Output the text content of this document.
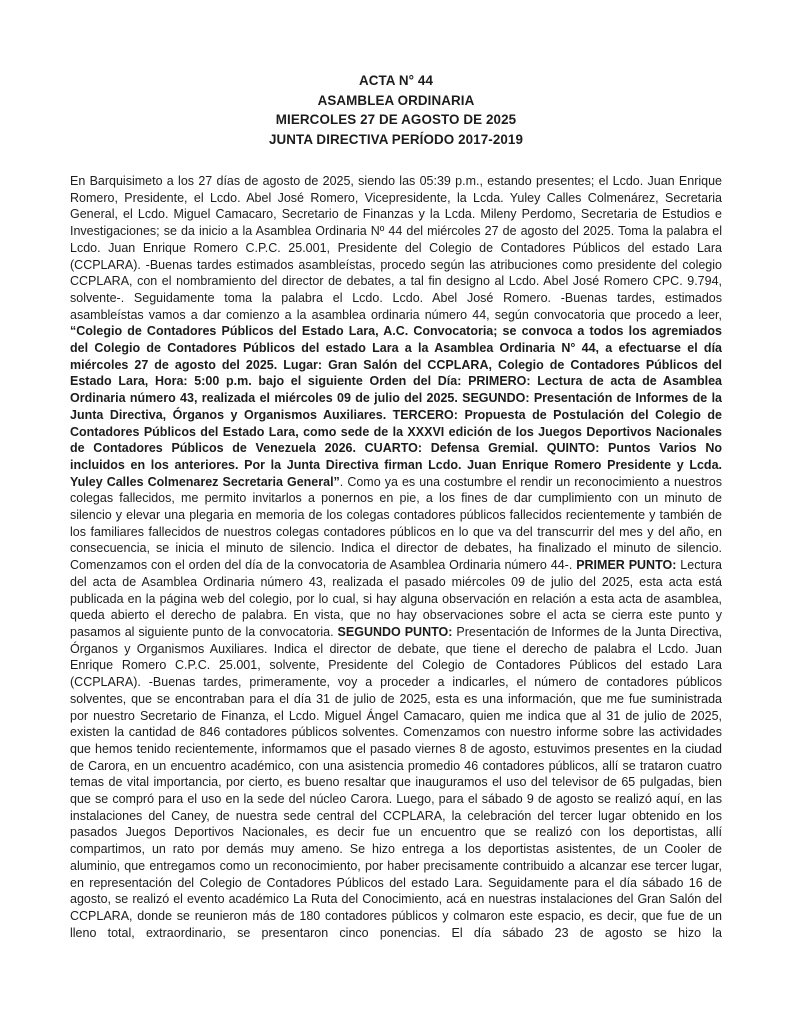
ACTA N° 44
ASAMBLEA ORDINARIA
MIERCOLES 27 DE AGOSTO DE 2025
JUNTA DIRECTIVA PERÍODO 2017-2019

En Barquisimeto a los 27 días de agosto de 2025, siendo las 05:39 p.m., estando presentes; el Lcdo. Juan Enrique Romero, Presidente, el Lcdo. Abel José Romero, Vicepresidente, la Lcda. Yuley Calles Colmenárez, Secretaria General, el Lcdo. Miguel Camacaro, Secretario de Finanzas y la Lcda. Mileny Perdomo, Secretaria de Estudios e Investigaciones; se da inicio a la Asamblea Ordinaria Nº 44 del miércoles 27 de agosto del 2025. Toma la palabra el Lcdo. Juan Enrique Romero C.P.C. 25.001, Presidente del Colegio de Contadores Públicos del estado Lara (CCPLARA). -Buenas tardes estimados asambleístas, procedo según las atribuciones como presidente del colegio CCPLARA, con el nombramiento del director de debates, a tal fin designo al Lcdo. Abel José Romero CPC. 9.794, solvente-. Seguidamente toma la palabra el Lcdo. Lcdo. Abel José Romero. -Buenas tardes, estimados asambleístas vamos a dar comienzo a la asamblea ordinaria número 44, según convocatoria que procedo a leer, “Colegio de Contadores Públicos del Estado Lara, A.C. Convocatoria; se convoca a todos los agremiados del Colegio de Contadores Públicos del estado Lara a la Asamblea Ordinaria N° 44, a efectuarse el día miércoles 27 de agosto del 2025. Lugar: Gran Salón del CCPLARA, Colegio de Contadores Públicos del Estado Lara, Hora: 5:00 p.m. bajo el siguiente Orden del Día: PRIMERO: Lectura de acta de Asamblea Ordinaria número 43, realizada el miércoles 09 de julio del 2025. SEGUNDO: Presentación de Informes de la Junta Directiva, Órganos y Organismos Auxiliares. TERCERO: Propuesta de Postulación del Colegio de Contadores Públicos del Estado Lara, como sede de la XXXVI edición de los Juegos Deportivos Nacionales de Contadores Públicos de Venezuela 2026. CUARTO: Defensa Gremial. QUINTO: Puntos Varios No incluidos en los anteriores. Por la Junta Directiva firman Lcdo. Juan Enrique Romero Presidente y Lcda. Yuley Calles Colmenarez Secretaria General”. Como ya es una costumbre el rendir un reconocimiento a nuestros colegas fallecidos, me permito invitarlos a ponernos en pie, a los fines de dar cumplimiento con un minuto de silencio y elevar una plegaria en memoria de los colegas contadores públicos fallecidos recientemente y también de los familiares fallecidos de nuestros colegas contadores públicos en lo que va del transcurrir del mes y del año, en consecuencia, se inicia el minuto de silencio. Indica el director de debates, ha finalizado el minuto de silencio. Comenzamos con el orden del día de la convocatoria de Asamblea Ordinaria número 44-. PRIMER PUNTO: Lectura del acta de Asamblea Ordinaria número 43, realizada el pasado miércoles 09 de julio del 2025, esta acta está publicada en la página web del colegio, por lo cual, si hay alguna observación en relación a esta acta de asamblea, queda abierto el derecho de palabra. En vista, que no hay observaciones sobre el acta se cierra este punto y pasamos al siguiente punto de la convocatoria. SEGUNDO PUNTO: Presentación de Informes de la Junta Directiva, Órganos y Organismos Auxiliares. Indica el director de debate, que tiene el derecho de palabra el Lcdo. Juan Enrique Romero C.P.C. 25.001, solvente, Presidente del Colegio de Contadores Públicos del estado Lara (CCPLARA). -Buenas tardes, primeramente, voy a proceder a indicarles, el número de contadores públicos solventes, que se encontraban para el día 31 de julio de 2025, esta es una información, que me fue suministrada por nuestro Secretario de Finanza, el Lcdo. Miguel Ángel Camacaro, quien me indica que al 31 de julio de 2025, existen la cantidad de 846 contadores públicos solventes. Comenzamos con nuestro informe sobre las actividades que hemos tenido recientemente, informamos que el pasado viernes 8 de agosto, estuvimos presentes en la ciudad de Carora, en un encuentro académico, con una asistencia promedio 46 contadores públicos, allí se trataron cuatro temas de vital importancia, por cierto, es bueno resaltar que inauguramos el uso del televisor de 65 pulgadas, bien que se compró para el uso en la sede del núcleo Carora. Luego, para el sábado 9 de agosto se realizó aquí, en las instalaciones del Caney, de nuestra sede central del CCPLARA, la celebración del tercer lugar obtenido en los pasados Juegos Deportivos Nacionales, es decir fue un encuentro que se realizó con los deportistas, allí compartimos, un rato por demás muy ameno. Se hizo entrega a los deportistas asistentes, de un Cooler de aluminio, que entregamos como un reconocimiento, por haber precisamente contribuido a alcanzar ese tercer lugar, en representación del Colegio de Contadores Públicos del estado Lara. Seguidamente para el día sábado 16 de agosto, se realizó el evento académico La Ruta del Conocimiento, acá en nuestras instalaciones del Gran Salón del CCPLARA, donde se reunieron más de 180 contadores públicos y colmaron este espacio, es decir, que fue de un lleno total, extraordinario, se presentaron cinco ponencias. El día sábado 23 de agosto se hizo la
